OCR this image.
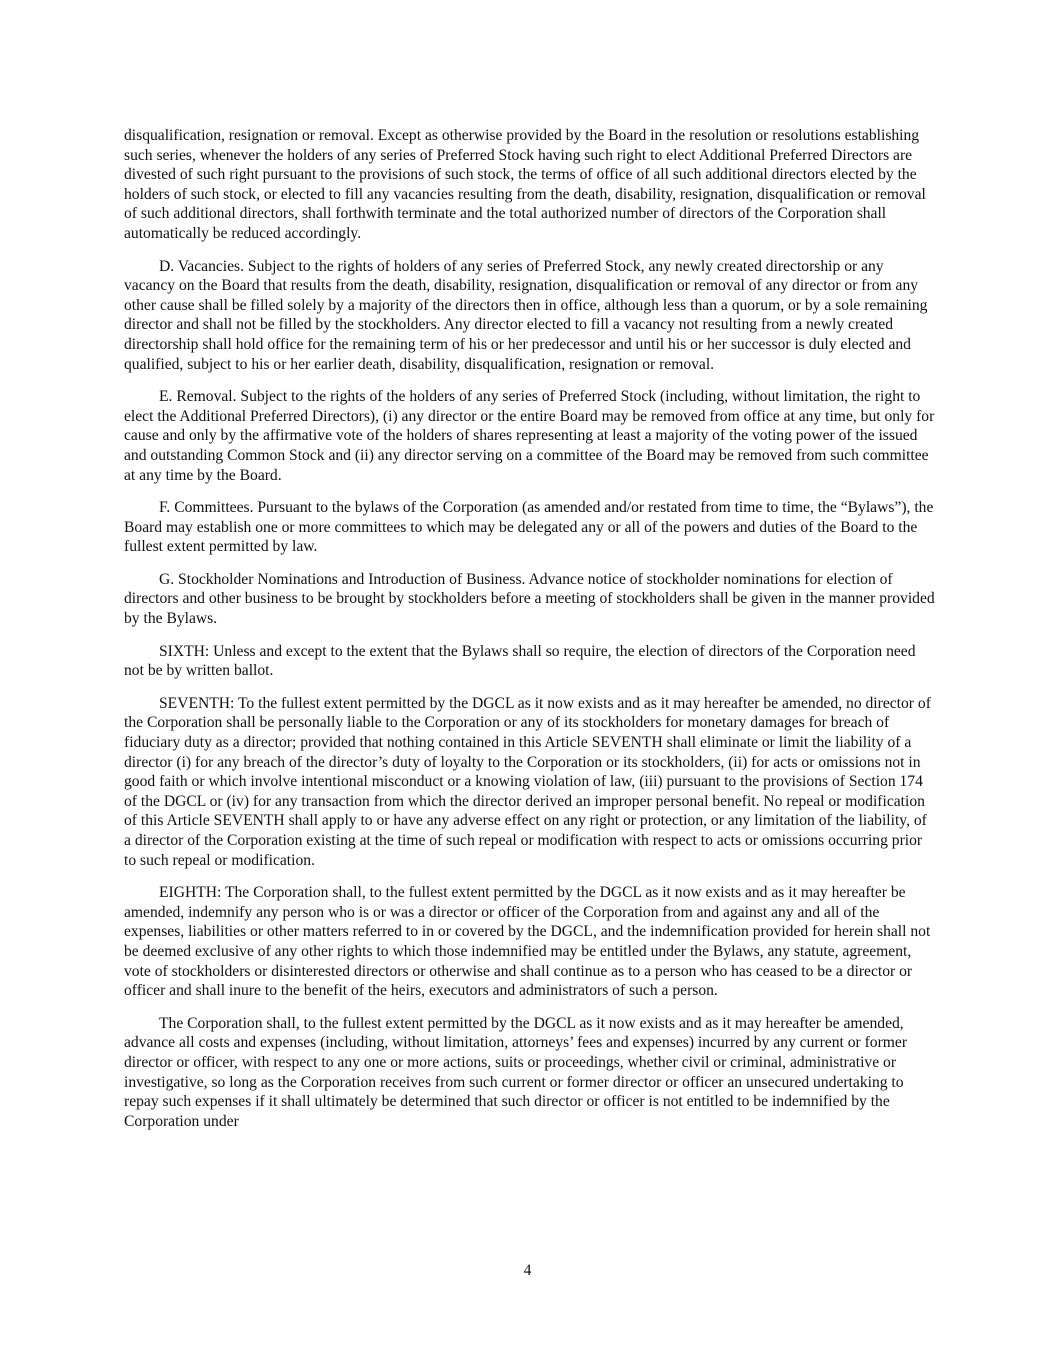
disqualification, resignation or removal. Except as otherwise provided by the Board in the resolution or resolutions establishing such series, whenever the holders of any series of Preferred Stock having such right to elect Additional Preferred Directors are divested of such right pursuant to the provisions of such stock, the terms of office of all such additional directors elected by the holders of such stock, or elected to fill any vacancies resulting from the death, disability, resignation, disqualification or removal of such additional directors, shall forthwith terminate and the total authorized number of directors of the Corporation shall automatically be reduced accordingly.

D. Vacancies. Subject to the rights of holders of any series of Preferred Stock, any newly created directorship or any vacancy on the Board that results from the death, disability, resignation, disqualification or removal of any director or from any other cause shall be filled solely by a majority of the directors then in office, although less than a quorum, or by a sole remaining director and shall not be filled by the stockholders. Any director elected to fill a vacancy not resulting from a newly created directorship shall hold office for the remaining term of his or her predecessor and until his or her successor is duly elected and qualified, subject to his or her earlier death, disability, disqualification, resignation or removal.

E. Removal. Subject to the rights of the holders of any series of Preferred Stock (including, without limitation, the right to elect the Additional Preferred Directors), (i) any director or the entire Board may be removed from office at any time, but only for cause and only by the affirmative vote of the holders of shares representing at least a majority of the voting power of the issued and outstanding Common Stock and (ii) any director serving on a committee of the Board may be removed from such committee at any time by the Board.

F. Committees. Pursuant to the bylaws of the Corporation (as amended and/or restated from time to time, the “Bylaws”), the Board may establish one or more committees to which may be delegated any or all of the powers and duties of the Board to the fullest extent permitted by law.

G. Stockholder Nominations and Introduction of Business. Advance notice of stockholder nominations for election of directors and other business to be brought by stockholders before a meeting of stockholders shall be given in the manner provided by the Bylaws.

SIXTH: Unless and except to the extent that the Bylaws shall so require, the election of directors of the Corporation need not be by written ballot.

SEVENTH: To the fullest extent permitted by the DGCL as it now exists and as it may hereafter be amended, no director of the Corporation shall be personally liable to the Corporation or any of its stockholders for monetary damages for breach of fiduciary duty as a director; provided that nothing contained in this Article SEVENTH shall eliminate or limit the liability of a director (i) for any breach of the director’s duty of loyalty to the Corporation or its stockholders, (ii) for acts or omissions not in good faith or which involve intentional misconduct or a knowing violation of law, (iii) pursuant to the provisions of Section 174 of the DGCL or (iv) for any transaction from which the director derived an improper personal benefit. No repeal or modification of this Article SEVENTH shall apply to or have any adverse effect on any right or protection, or any limitation of the liability, of a director of the Corporation existing at the time of such repeal or modification with respect to acts or omissions occurring prior to such repeal or modification.

EIGHTH: The Corporation shall, to the fullest extent permitted by the DGCL as it now exists and as it may hereafter be amended, indemnify any person who is or was a director or officer of the Corporation from and against any and all of the expenses, liabilities or other matters referred to in or covered by the DGCL, and the indemnification provided for herein shall not be deemed exclusive of any other rights to which those indemnified may be entitled under the Bylaws, any statute, agreement, vote of stockholders or disinterested directors or otherwise and shall continue as to a person who has ceased to be a director or officer and shall inure to the benefit of the heirs, executors and administrators of such a person.

The Corporation shall, to the fullest extent permitted by the DGCL as it now exists and as it may hereafter be amended, advance all costs and expenses (including, without limitation, attorneys’ fees and expenses) incurred by any current or former director or officer, with respect to any one or more actions, suits or proceedings, whether civil or criminal, administrative or investigative, so long as the Corporation receives from such current or former director or officer an unsecured undertaking to repay such expenses if it shall ultimately be determined that such director or officer is not entitled to be indemnified by the Corporation under

4
